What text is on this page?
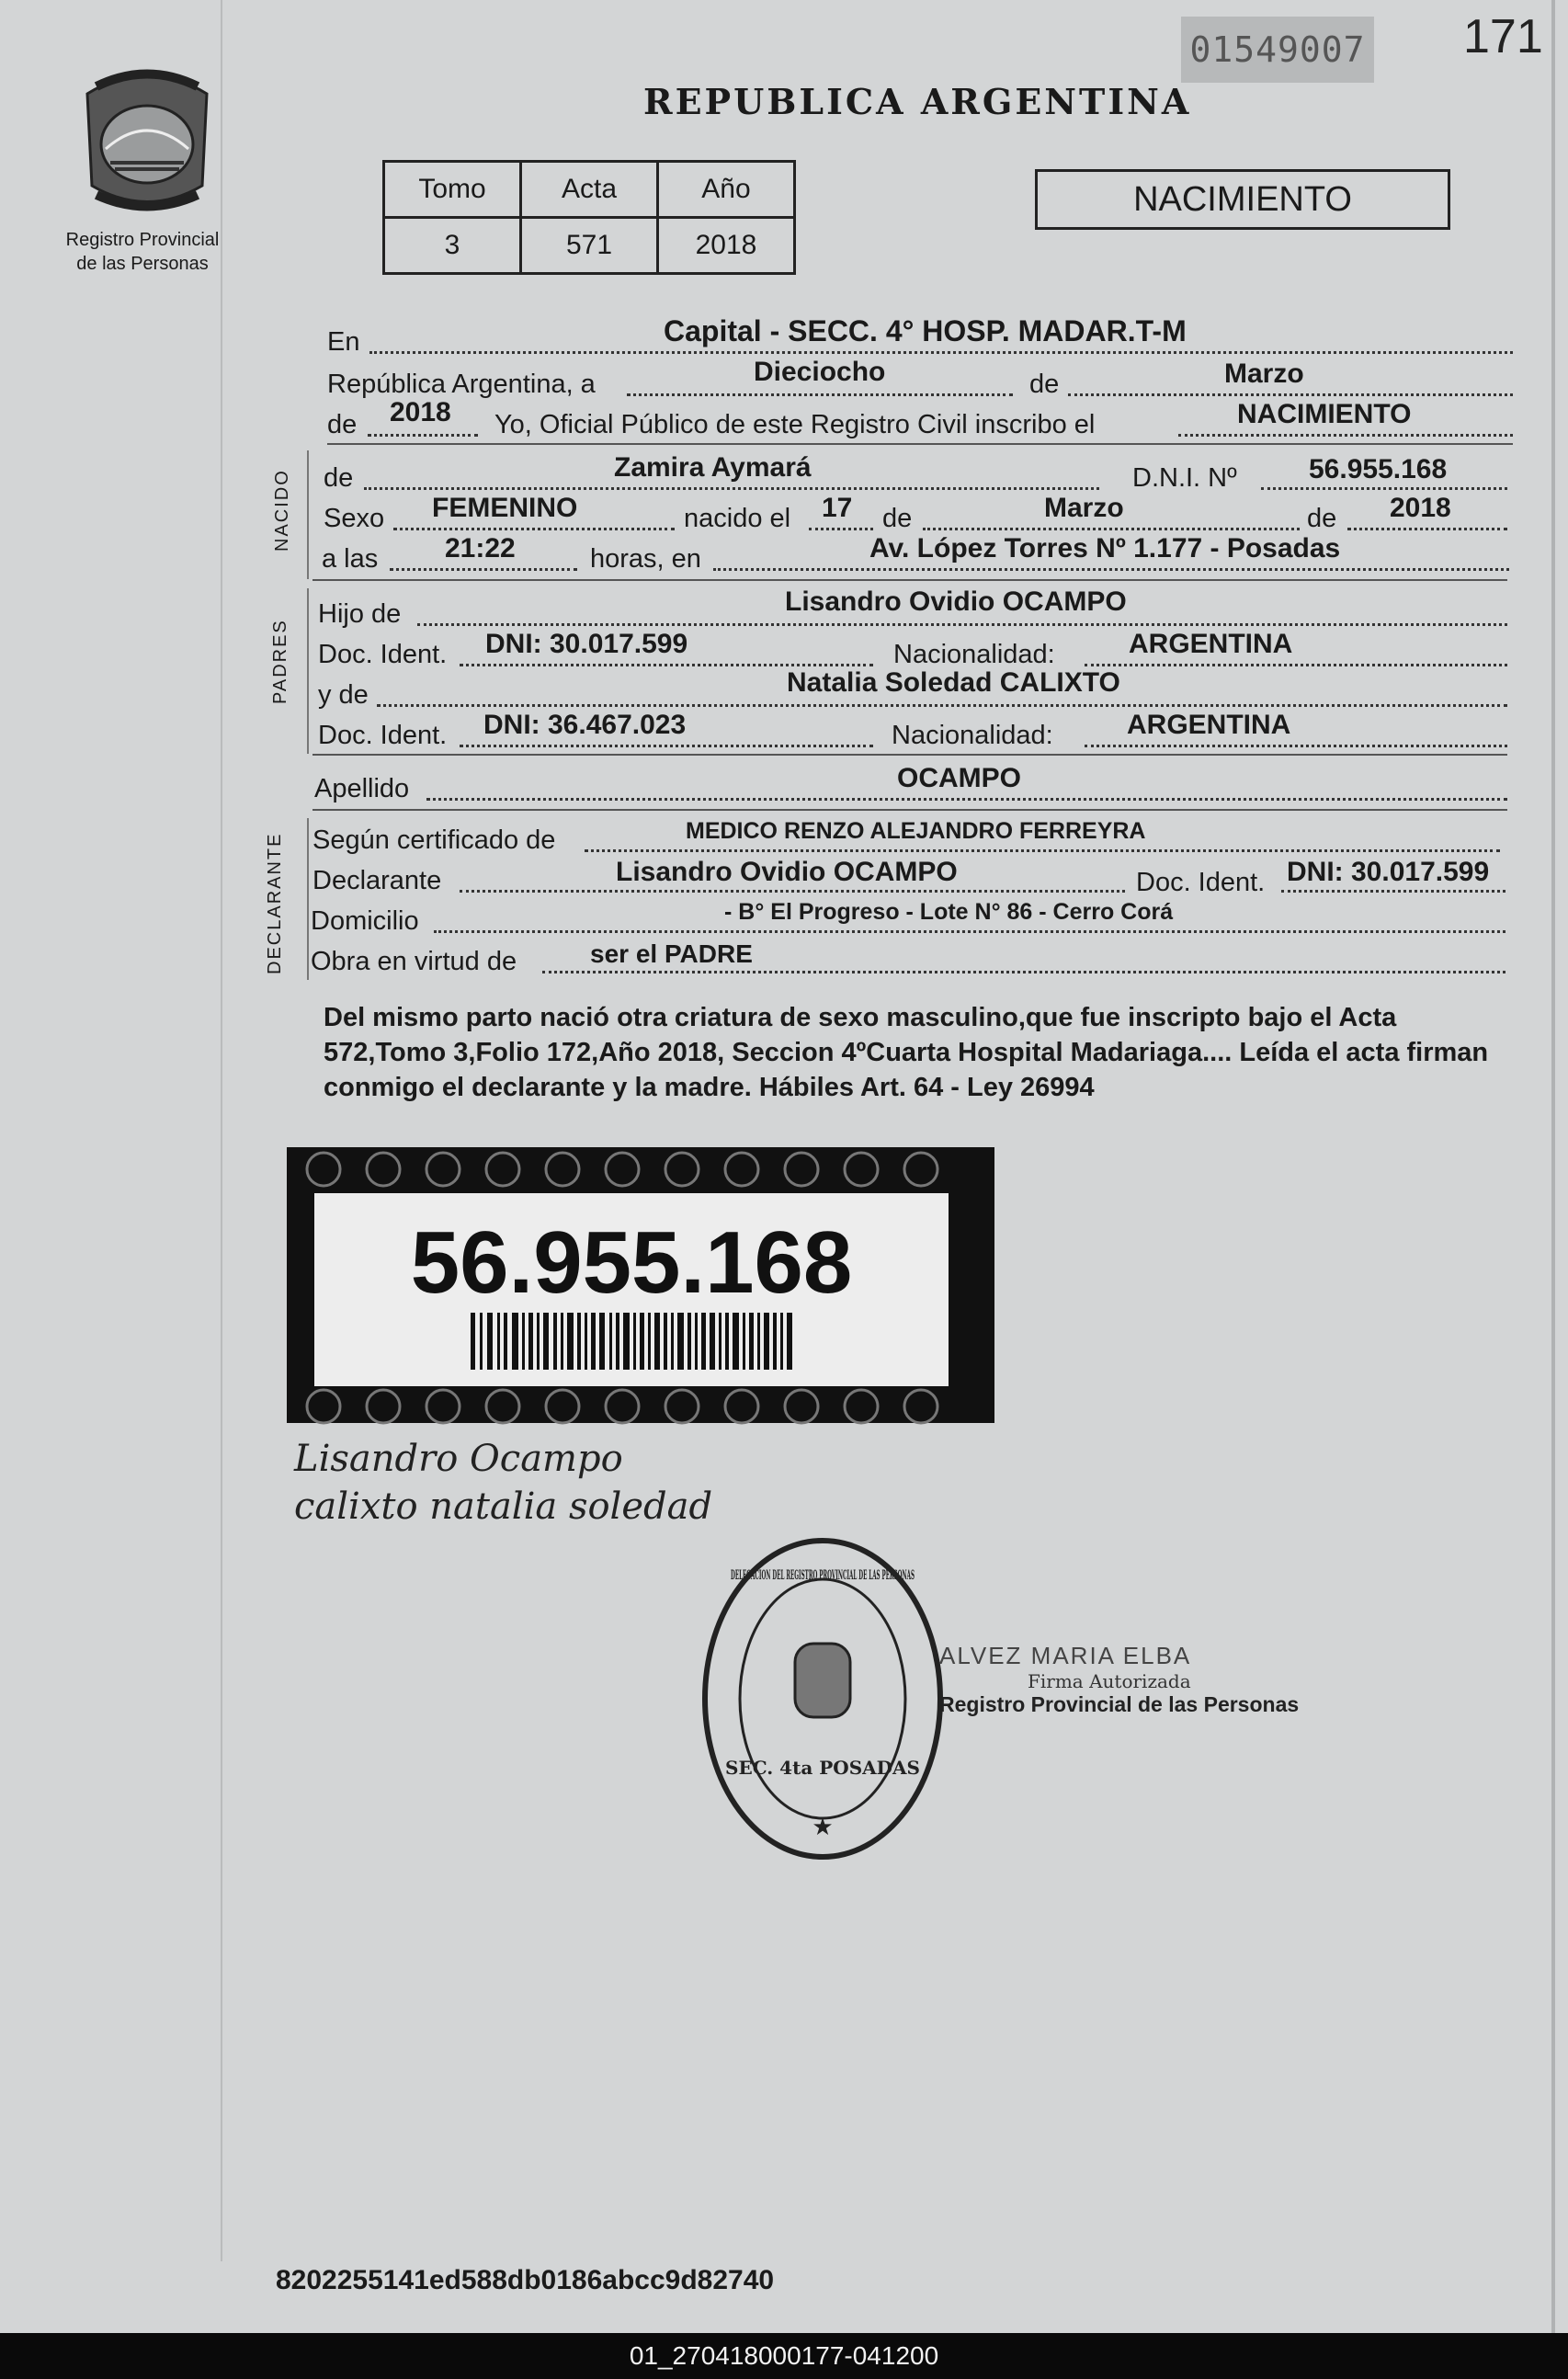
01549007 171
REPUBLICA ARGENTINA
Registro Provincial
de las Personas
Tomo	Acta	Año
3	571	2018
NACIMIENTO
En	Capital - SECC. 4° HOSP. MADAR.T-M
República Argentina, a	Dieciocho	de	Marzo
de 2018 Yo, Oficial Público de este Registro Civil inscribo el	NACIMIENTO
NACIDO de	Zamira Aymará	D.N.I. Nº	56.955.168
Sexo FEMENINO	nacido el 17 de	Marzo	de 2018
a las 21:22	horas, en	Av. López Torres Nº 1.177 - Posadas
PADRES
Hijo de	Lisandro Ovidio OCAMPO
Doc. Ident. DNI: 30.017.599	Nacionalidad:	ARGENTINA
y de	Natalia Soledad CALIXTO
Doc. Ident. DNI: 36.467.023	Nacionalidad:	ARGENTINA
Apellido	OCAMPO
DECLARANTE Según certificado de	MEDICO RENZO ALEJANDRO FERREYRA
Declarante	Lisandro Ovidio OCAMPO	Doc. Ident. DNI: 30.017.599
Domicilio	- B° El Progreso - Lote N° 86 - Cerro Corá
Obra en virtud de	ser el PADRE
Del mismo parto nació otra criatura de sexo masculino,que fue inscripto bajo el Acta 572,Tomo 3,Folio 172,Año 2018, Seccion 4ºCuarta Hospital Madariaga.... Leída el acta firman conmigo el declarante y la madre. Hábiles Art. 64 - Ley 26994
56.955.168
Lisandro Ocampo
calixto natalia soledad
DELEGACION DEL REGISTRO PROVINCIAL DE LAS PERSONAS
SEC. 4ta POSADAS
★
ALVEZ MARIA ELBA
Firma Autorizada
Registro Provincial de las Personas
8202255141ed588db0186abcc9d82740
01_270418000177-041200
